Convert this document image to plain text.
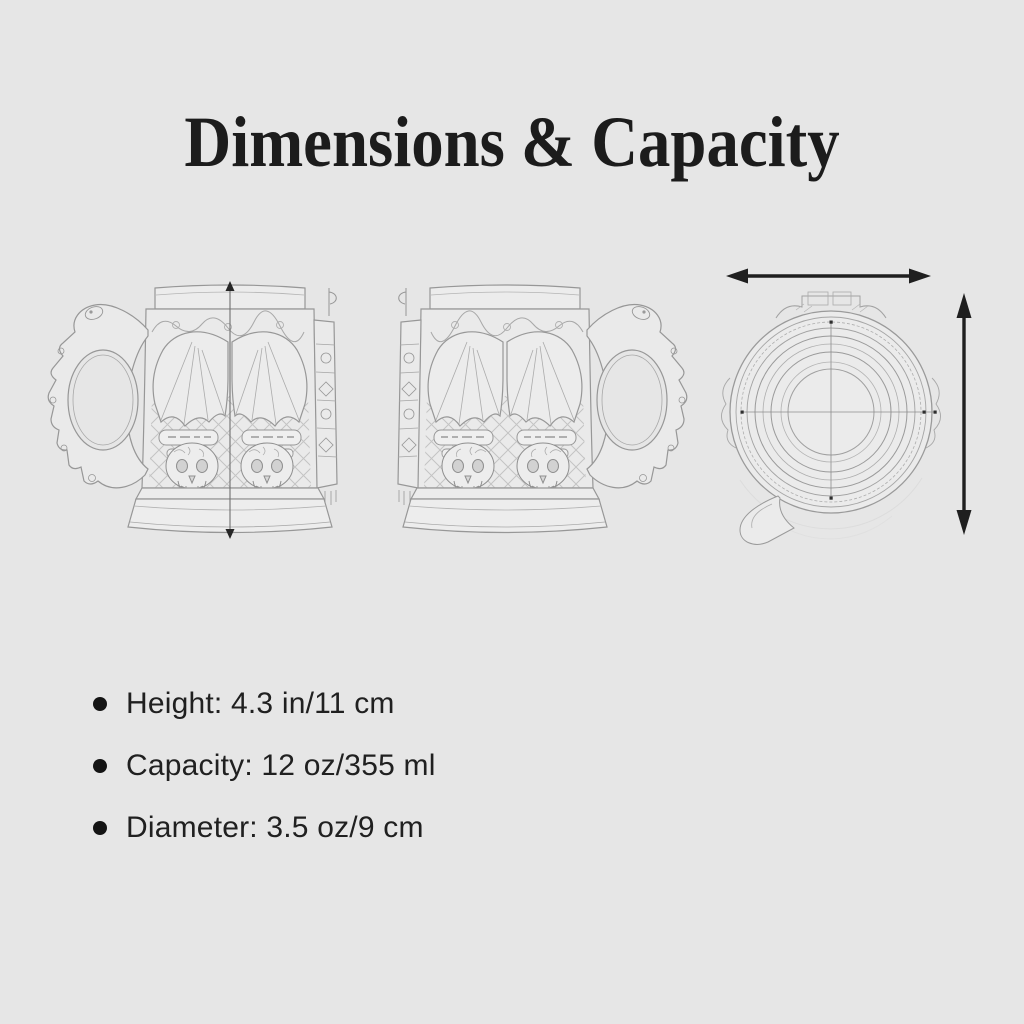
Dimensions & Capacity
Height: 4.3 in/11 cm
Capacity: 12 oz/355 ml
Diameter: 3.5 oz/9 cm
